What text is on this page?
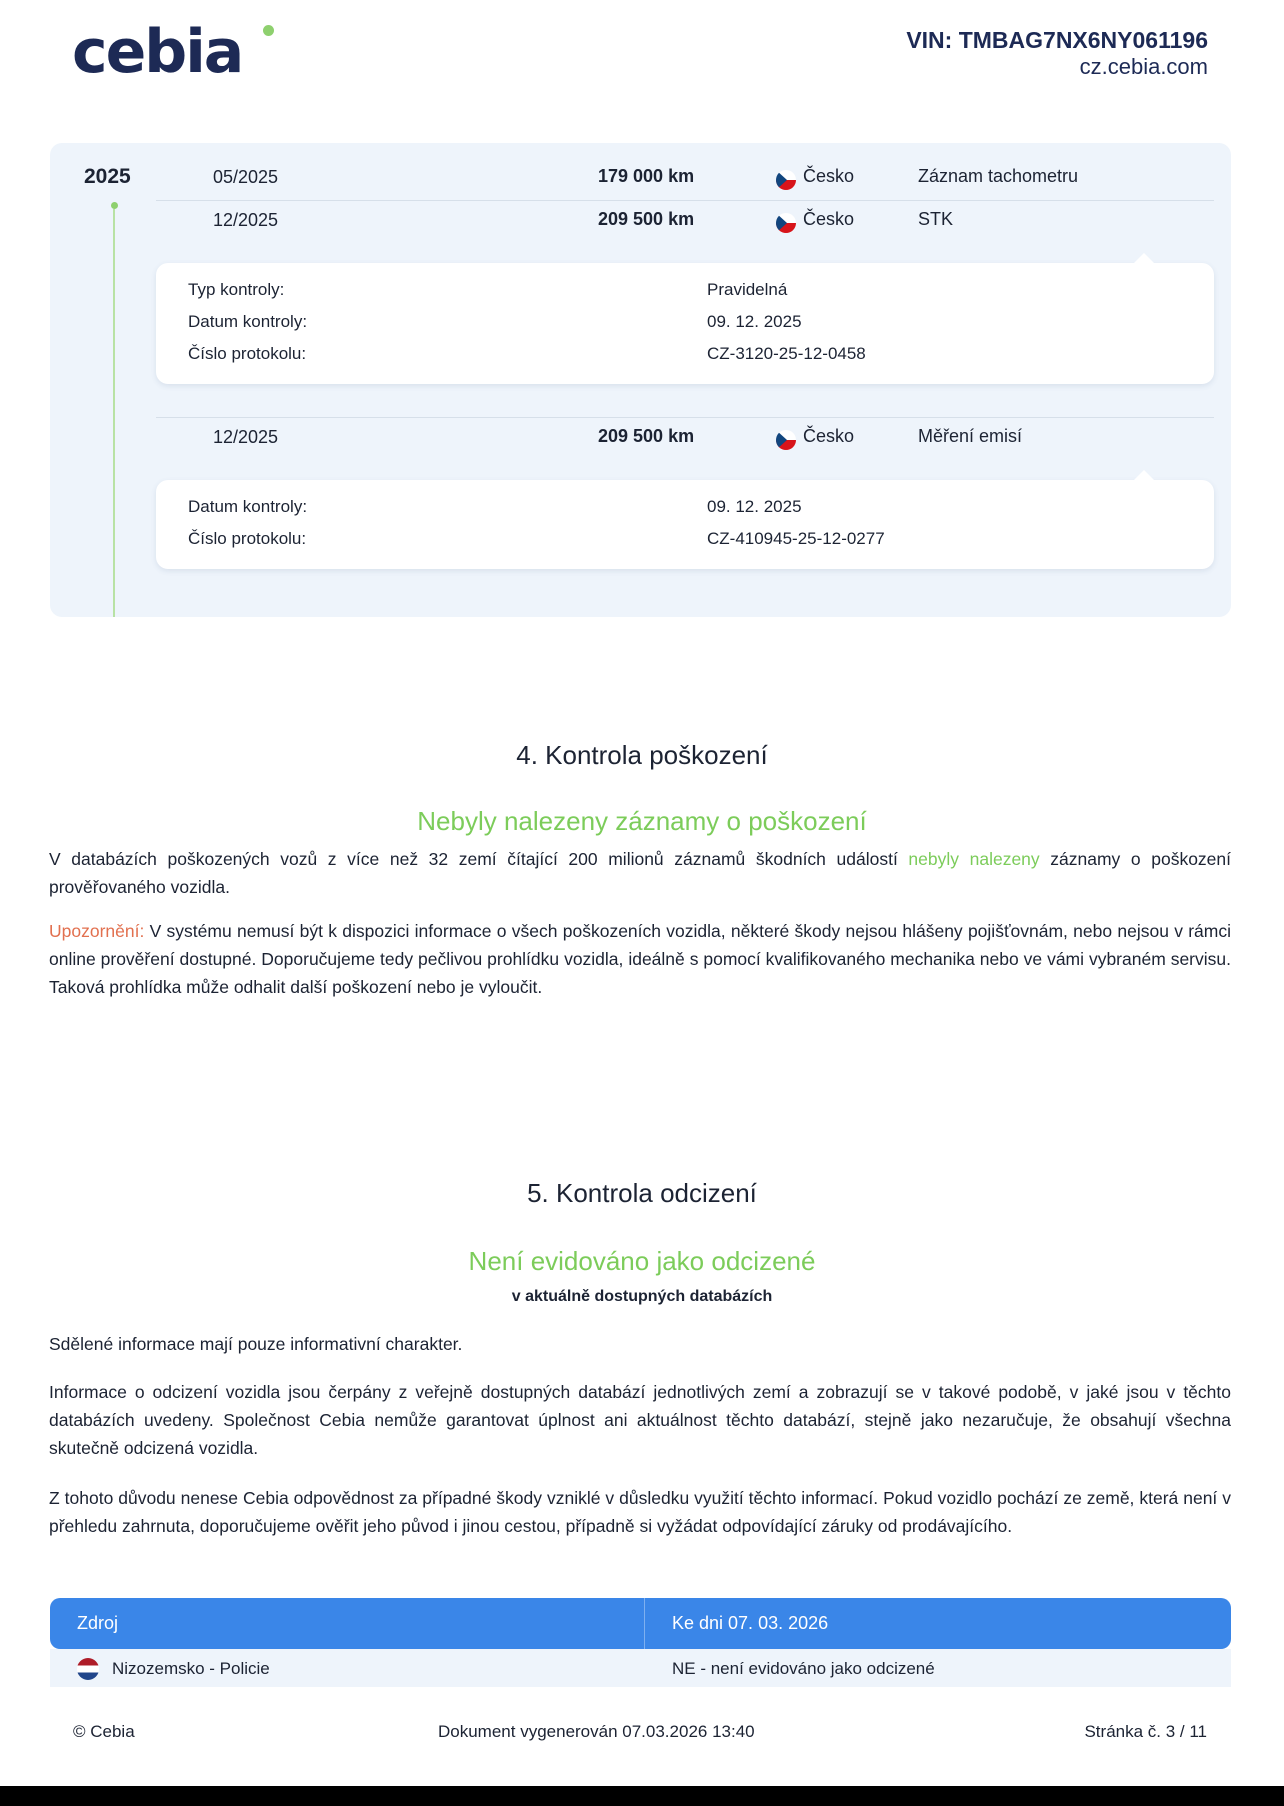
cebia	VIN: TMBAG7NX6NY061196
cz.cebia.com
2025	05/2025	179 000 km	Česko	Záznam tachometru
12/2025	209 500 km	Česko	STK
Typ kontroly:	Pravidelná
Datum kontroly:	09. 12. 2025
Číslo protokolu:	CZ-3120-25-12-0458
12/2025	209 500 km	Česko	Měření emisí
Datum kontroly:	09. 12. 2025
Číslo protokolu:	CZ-410945-25-12-0277
4. Kontrola poškození
Nebyly nalezeny záznamy o poškození
V databázích poškozených vozů z více než 32 zemí čítající 200 milionů záznamů škodních událostí nebyly nalezeny záznamy o poškození prověřovaného vozidla.
Upozornění: V systému nemusí být k dispozici informace o všech poškozeních vozidla, některé škody nejsou hlášeny pojišťovnám, nebo nejsou v rámci online prověření dostupné. Doporučujeme tedy pečlivou prohlídku vozidla, ideálně s pomocí kvalifikovaného mechanika nebo ve vámi vybraném servisu. Taková prohlídka může odhalit další poškození nebo je vyloučit.
5. Kontrola odcizení
Není evidováno jako odcizené
v aktuálně dostupných databázích
Sdělené informace mají pouze informativní charakter.
Informace o odcizení vozidla jsou čerpány z veřejně dostupných databází jednotlivých zemí a zobrazují se v takové podobě, v jaké jsou v těchto databázích uvedeny. Společnost Cebia nemůže garantovat úplnost ani aktuálnost těchto databází, stejně jako nezaručuje, že obsahují všechna skutečně odcizená vozidla.
Z tohoto důvodu nenese Cebia odpovědnost za případné škody vzniklé v důsledku využití těchto informací. Pokud vozidlo pochází ze země, která není v přehledu zahrnuta, doporučujeme ověřit jeho původ i jinou cestou, případně si vyžádat odpovídající záruky od prodávajícího.
Zdroj	Ke dni 07. 03. 2026
Nizozemsko - Policie	NE - není evidováno jako odcizené
© Cebia	Dokument vygenerován 07.03.2026 13:40	Stránka č. 3 / 11
